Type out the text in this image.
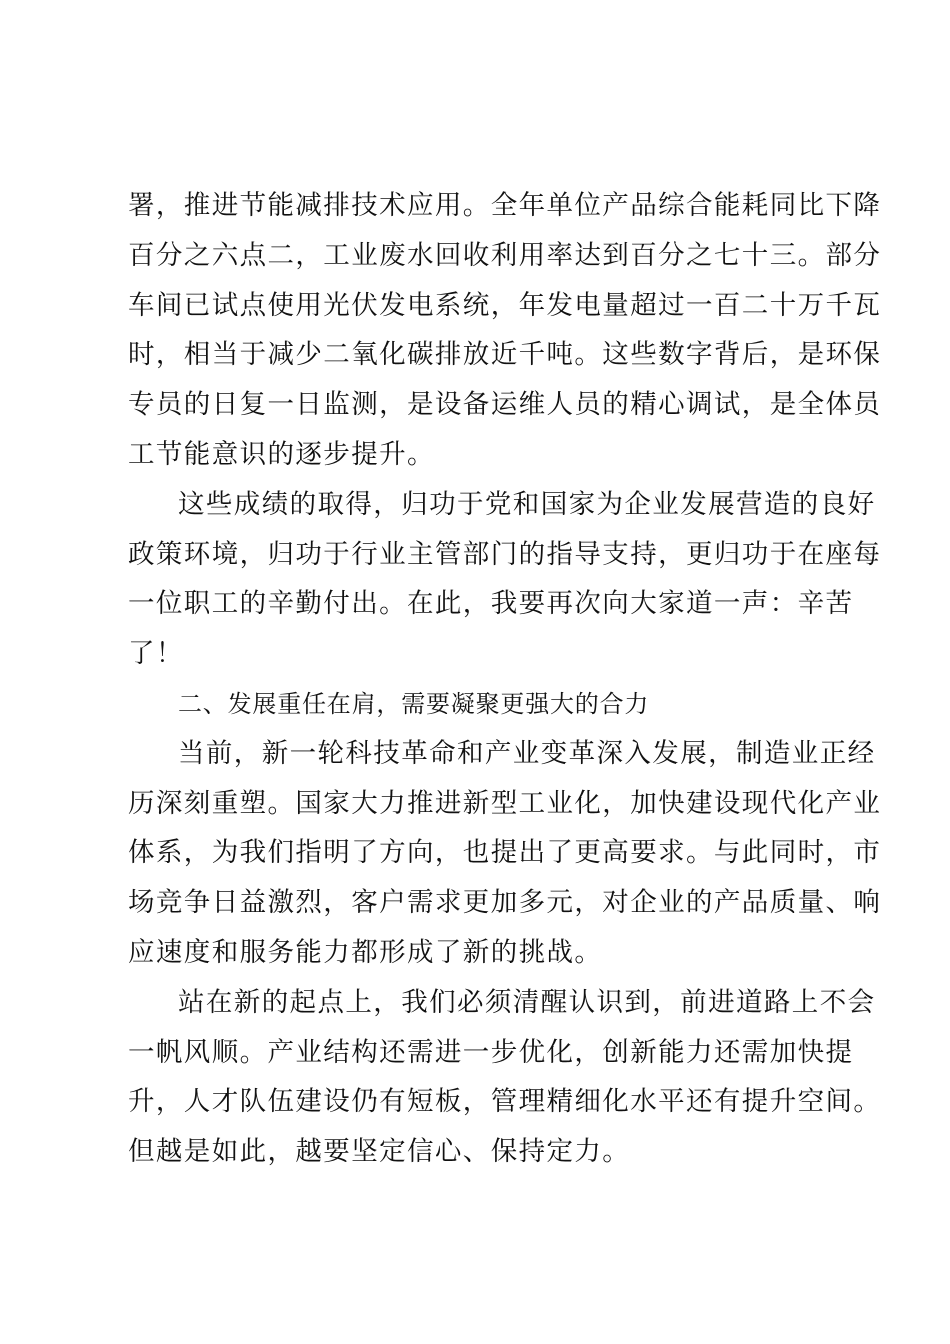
署，推进节能减排技术应用。全年单位产品综合能耗同比下降
百分之六点二，工业废水回收利用率达到百分之七十三。部分
车间已试点使用光伏发电系统，年发电量超过一百二十万千瓦
时，相当于减少二氧化碳排放近千吨。这些数字背后，是环保
专员的日复一日监测，是设备运维人员的精心调试，是全体员
工节能意识的逐步提升。
这些成绩的取得，归功于党和国家为企业发展营造的良好
政策环境，归功于行业主管部门的指导支持，更归功于在座每
一位职工的辛勤付出。在此，我要再次向大家道一声：辛苦
了！
二、发展重任在肩，需要凝聚更强大的合力
当前，新一轮科技革命和产业变革深入发展，制造业正经
历深刻重塑。国家大力推进新型工业化，加快建设现代化产业
体系，为我们指明了方向，也提出了更高要求。与此同时，市
场竞争日益激烈，客户需求更加多元，对企业的产品质量、响
应速度和服务能力都形成了新的挑战。
站在新的起点上，我们必须清醒认识到，前进道路上不会
一帆风顺。产业结构还需进一步优化，创新能力还需加快提
升，人才队伍建设仍有短板，管理精细化水平还有提升空间。
但越是如此，越要坚定信心、保持定力。
